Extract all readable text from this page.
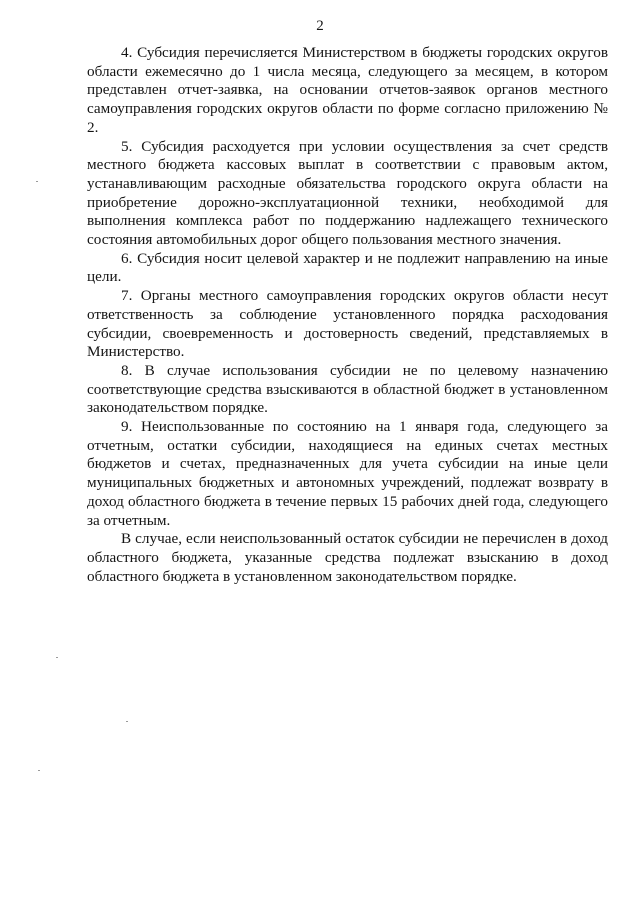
2

4. Субсидия перечисляется Министерством в бюджеты городских округов области ежемесячно до 1 числа месяца, следующего за месяцем, в котором представлен отчет-заявка, на основании отчетов-заявок органов местного самоуправления городских округов области по форме согласно приложению № 2.

5. Субсидия расходуется при условии осуществления за счет средств местного бюджета кассовых выплат в соответствии с правовым актом, устанавливающим расходные обязательства городского округа области на приобретение дорожно-эксплуатационной техники, необходимой для выполнения комплекса работ по поддержанию надлежащего технического состояния автомобильных дорог общего пользования местного значения.

6. Субсидия носит целевой характер и не подлежит направлению на иные цели.

7. Органы местного самоуправления городских округов области несут ответственность за соблюдение установленного порядка расходования субсидии, своевременность и достоверность сведений, представляемых в Министерство.

8. В случае использования субсидии не по целевому назначению соответствующие средства взыскиваются в областной бюджет в установленном законодательством порядке.

9. Неиспользованные по состоянию на 1 января года, следующего за отчетным, остатки субсидии, находящиеся на единых счетах местных бюджетов и счетах, предназначенных для учета субсидии на иные цели муниципальных бюджетных и автономных учреждений, подлежат возврату в доход областного бюджета в течение первых 15 рабочих дней года, следующего за отчетным.

В случае, если неиспользованный остаток субсидии не перечислен в доход областного бюджета, указанные средства подлежат взысканию в доход областного бюджета в установленном законодательством порядке.
